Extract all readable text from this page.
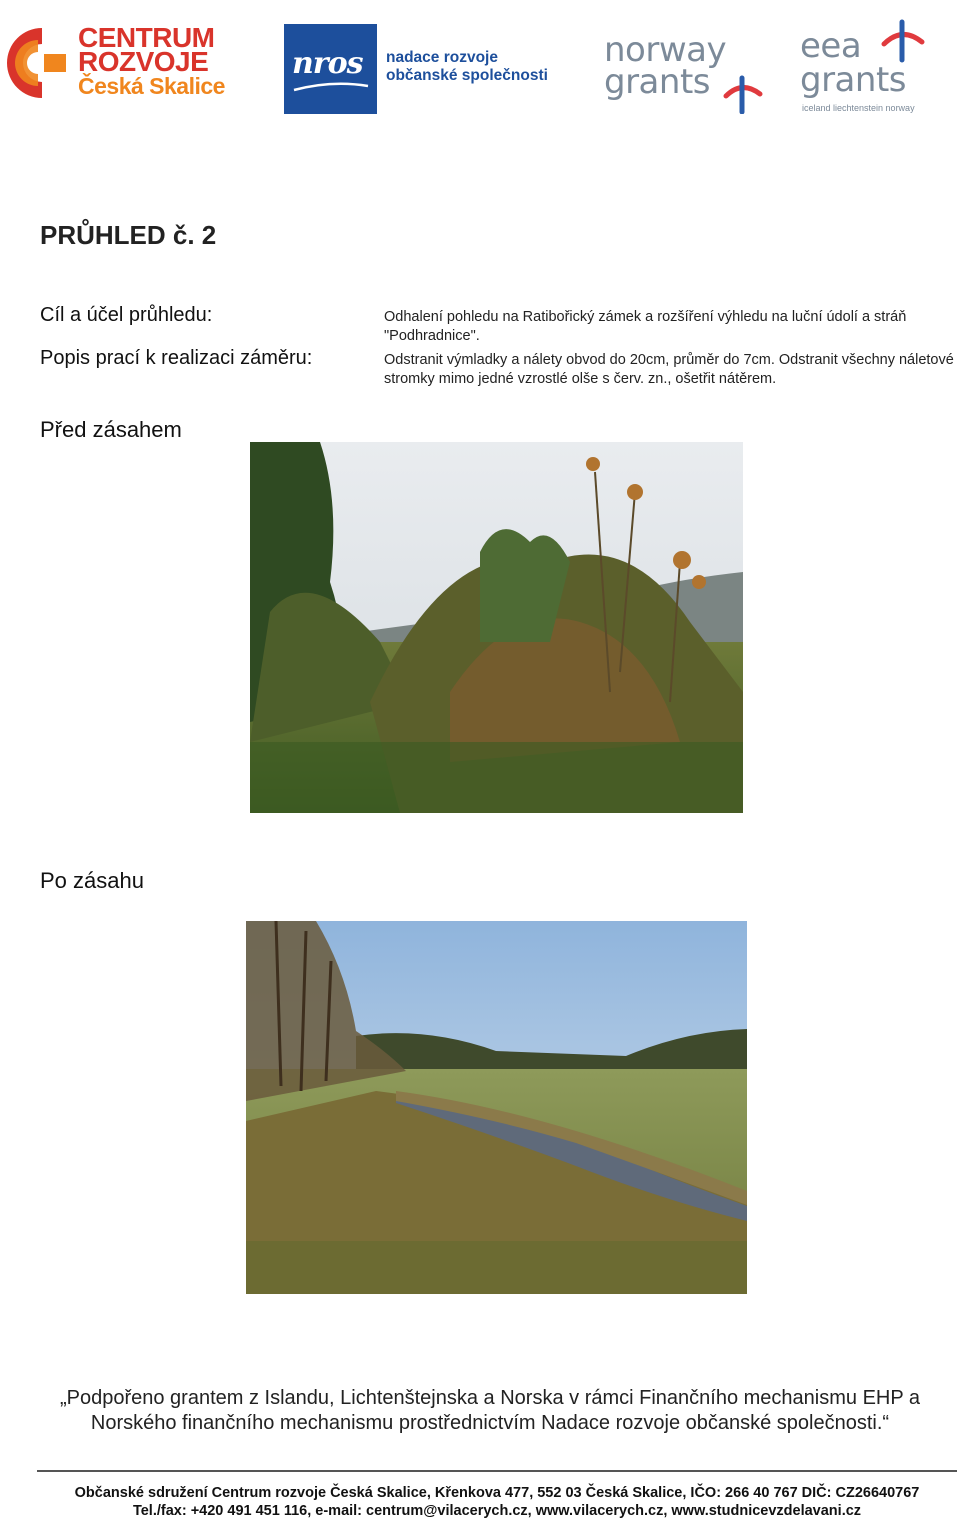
CENTRUM
ROZVOJE
Česká Skalice
nros nadace rozvoje
občanské společnosti
norway
grants
eea
grants
iceland liechtenstein norway
PRŮHLED č. 2
Cíl a účel průhledu:	Odhalení pohledu na Ratibořický zámek a rozšíření výhledu na luční údolí a stráň "Podhradnice".
Popis prací k realizaci záměru:	Odstranit výmladky a nálety obvod do 20cm, průměr do 7cm. Odstranit všechny náletové stromky mimo jedné vzrostlé olše s červ. zn., ošetřit nátěrem.
Před zásahem
Po zásahu
„Podpořeno grantem z Islandu, Lichtenštejnska a Norska v rámci Finančního mechanismu EHP a Norského finančního mechanismu prostřednictvím Nadace rozvoje občanské společnosti.“
Občanské sdružení Centrum rozvoje Česká Skalice, Křenkova 477, 552 03 Česká Skalice, IČO: 266 40 767 DIČ: CZ26640767
Tel./fax: +420 491 451 116, e-mail: centrum@vilacerych.cz, www.vilacerych.cz, www.studnicevzdelavani.cz
